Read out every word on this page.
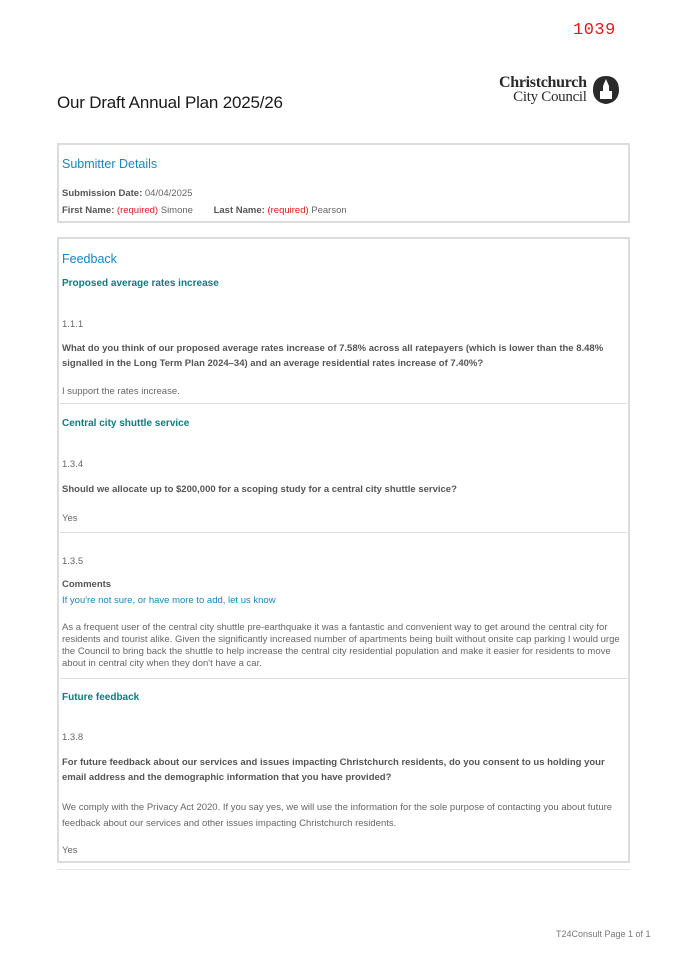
1039
Our Draft Annual Plan 2025/26
Christchurch
City Council
Submitter Details
Submission Date: 04/04/2025
First Name: (required) Simone Last Name: (required) Pearson
Feedback
Proposed average rates increase
1.1.1
What do you think of our proposed average rates increase of 7.58% across all ratepayers (which is lower than the 8.48% signalled in the Long Term Plan 2024–34) and an average residential rates increase of 7.40%?
I support the rates increase.
Central city shuttle service
1.3.4
Should we allocate up to $200,000 for a scoping study for a central city shuttle service?
Yes
1.3.5
Comments
If you're not sure, or have more to add, let us know
As a frequent user of the central city shuttle pre-earthquake it was a fantastic and convenient way to get around the central city for residents and tourist alike. Given the significantly increased number of apartments being built without onsite cap parking I would urge the Council to bring back the shuttle to help increase the central city residential population and make it easier for residents to move about in central city when they don't have a car.
Future feedback
1.3.8
For future feedback about our services and issues impacting Christchurch residents, do you consent to us holding your email address and the demographic information that you have provided?
We comply with the Privacy Act 2020. If you say yes, we will use the information for the sole purpose of contacting you about future feedback about our services and other issues impacting Christchurch residents.
Yes
T24Consult Page 1 of 1
